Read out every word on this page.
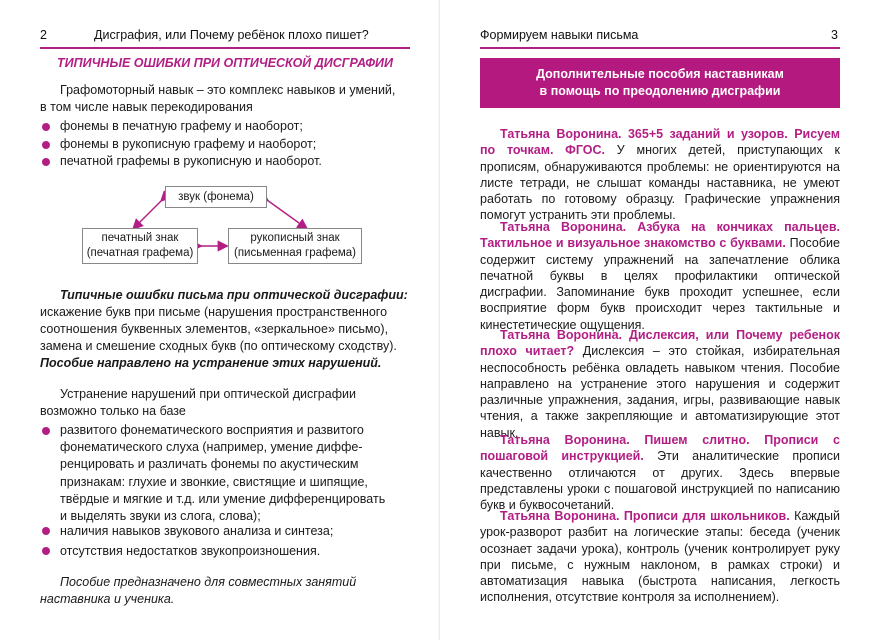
2	Дисграфия, или Почему ребёнок плохо пишет?
ТИПИЧНЫЕ ОШИБКИ ПРИ ОПТИЧЕСКОЙ ДИСГРАФИИ
Графомоторный навык – это комплекс навыков и умений,
в том числе навык перекодирования
фонемы в печатную графему и наоборот;
фонемы в рукописную графему и наоборот;
печатной графемы в рукописную и наоборот.
звук (фонема)
печатный знак
(печатная графема)
рукописный знак
(письменная графема)
Типичные ошибки письма при оптической дисграфии:
искажение букв при письме (нарушения пространственного
соотношения буквенных элементов, «зеркальное» письмо),
замена и смешение сходных букв (по оптическому сходству).
Пособие направлено на устранение этих нарушений.
Устранение нарушений при оптической дисграфии
возможно только на базе
развитого фонематического восприятия и развитого
фонематического слуха (например, умение диффе-
ренцировать и различать фонемы по акустическим
признакам: глухие и звонкие, свистящие и шипящие,
твёрдые и мягкие и т.д. или умение дифференцировать
и выделять звуки из слога, слова);
наличия навыков звукового анализа и синтеза;
отсутствия недостатков звукопроизношения.
Пособие предназначено для совместных занятий
наставника и ученика.
Формируем навыки письма	3
Дополнительные пособия наставникам
в помощь по преодолению дисграфии
Татьяна Воронина. 365+5 заданий и узоров. Рисуем по точкам. ФГОС. У многих детей, приступающих к прописям, обнаруживаются проблемы: не ориентируются на листе тетради, не слышат команды наставника, не умеют работать по готовому образцу. Графические упражнения помогут устранить эти проблемы.
Татьяна Воронина. Азбука на кончиках пальцев. Тактильное и визуальное знакомство с буквами. Пособие содержит систему упражнений на запечатление облика печатной буквы в целях профилактики оптической дисграфии. Запоминание букв проходит успешнее, если восприятие форм букв происходит через тактильные и кинестетические ощущения.
Татьяна Воронина. Дислексия, или Почему ребенок плохо читает? Дислексия – это стойкая, избирательная неспособность ребёнка овладеть навыком чтения. Пособие направлено на устранение этого нарушения и содержит различные упражнения, задания, игры, развивающие навык чтения, а также закрепляющие и автоматизирующие этот навык.
Татьяна Воронина. Пишем слитно. Прописи с пошаговой инструкцией. Эти аналитические прописи качественно отличаются от других. Здесь впервые представлены уроки с пошаговой инструкцией по написанию букв и буквосочетаний.
Татьяна Воронина. Прописи для школьников. Каждый урок-разворот разбит на логические этапы: беседа (ученик осознает задачи урока), контроль (ученик контролирует руку при письме, с нужным наклоном, в рамках строки) и автоматизация навыка (быстрота написания, легкость исполнения, отсутствие контроля за исполнением).
